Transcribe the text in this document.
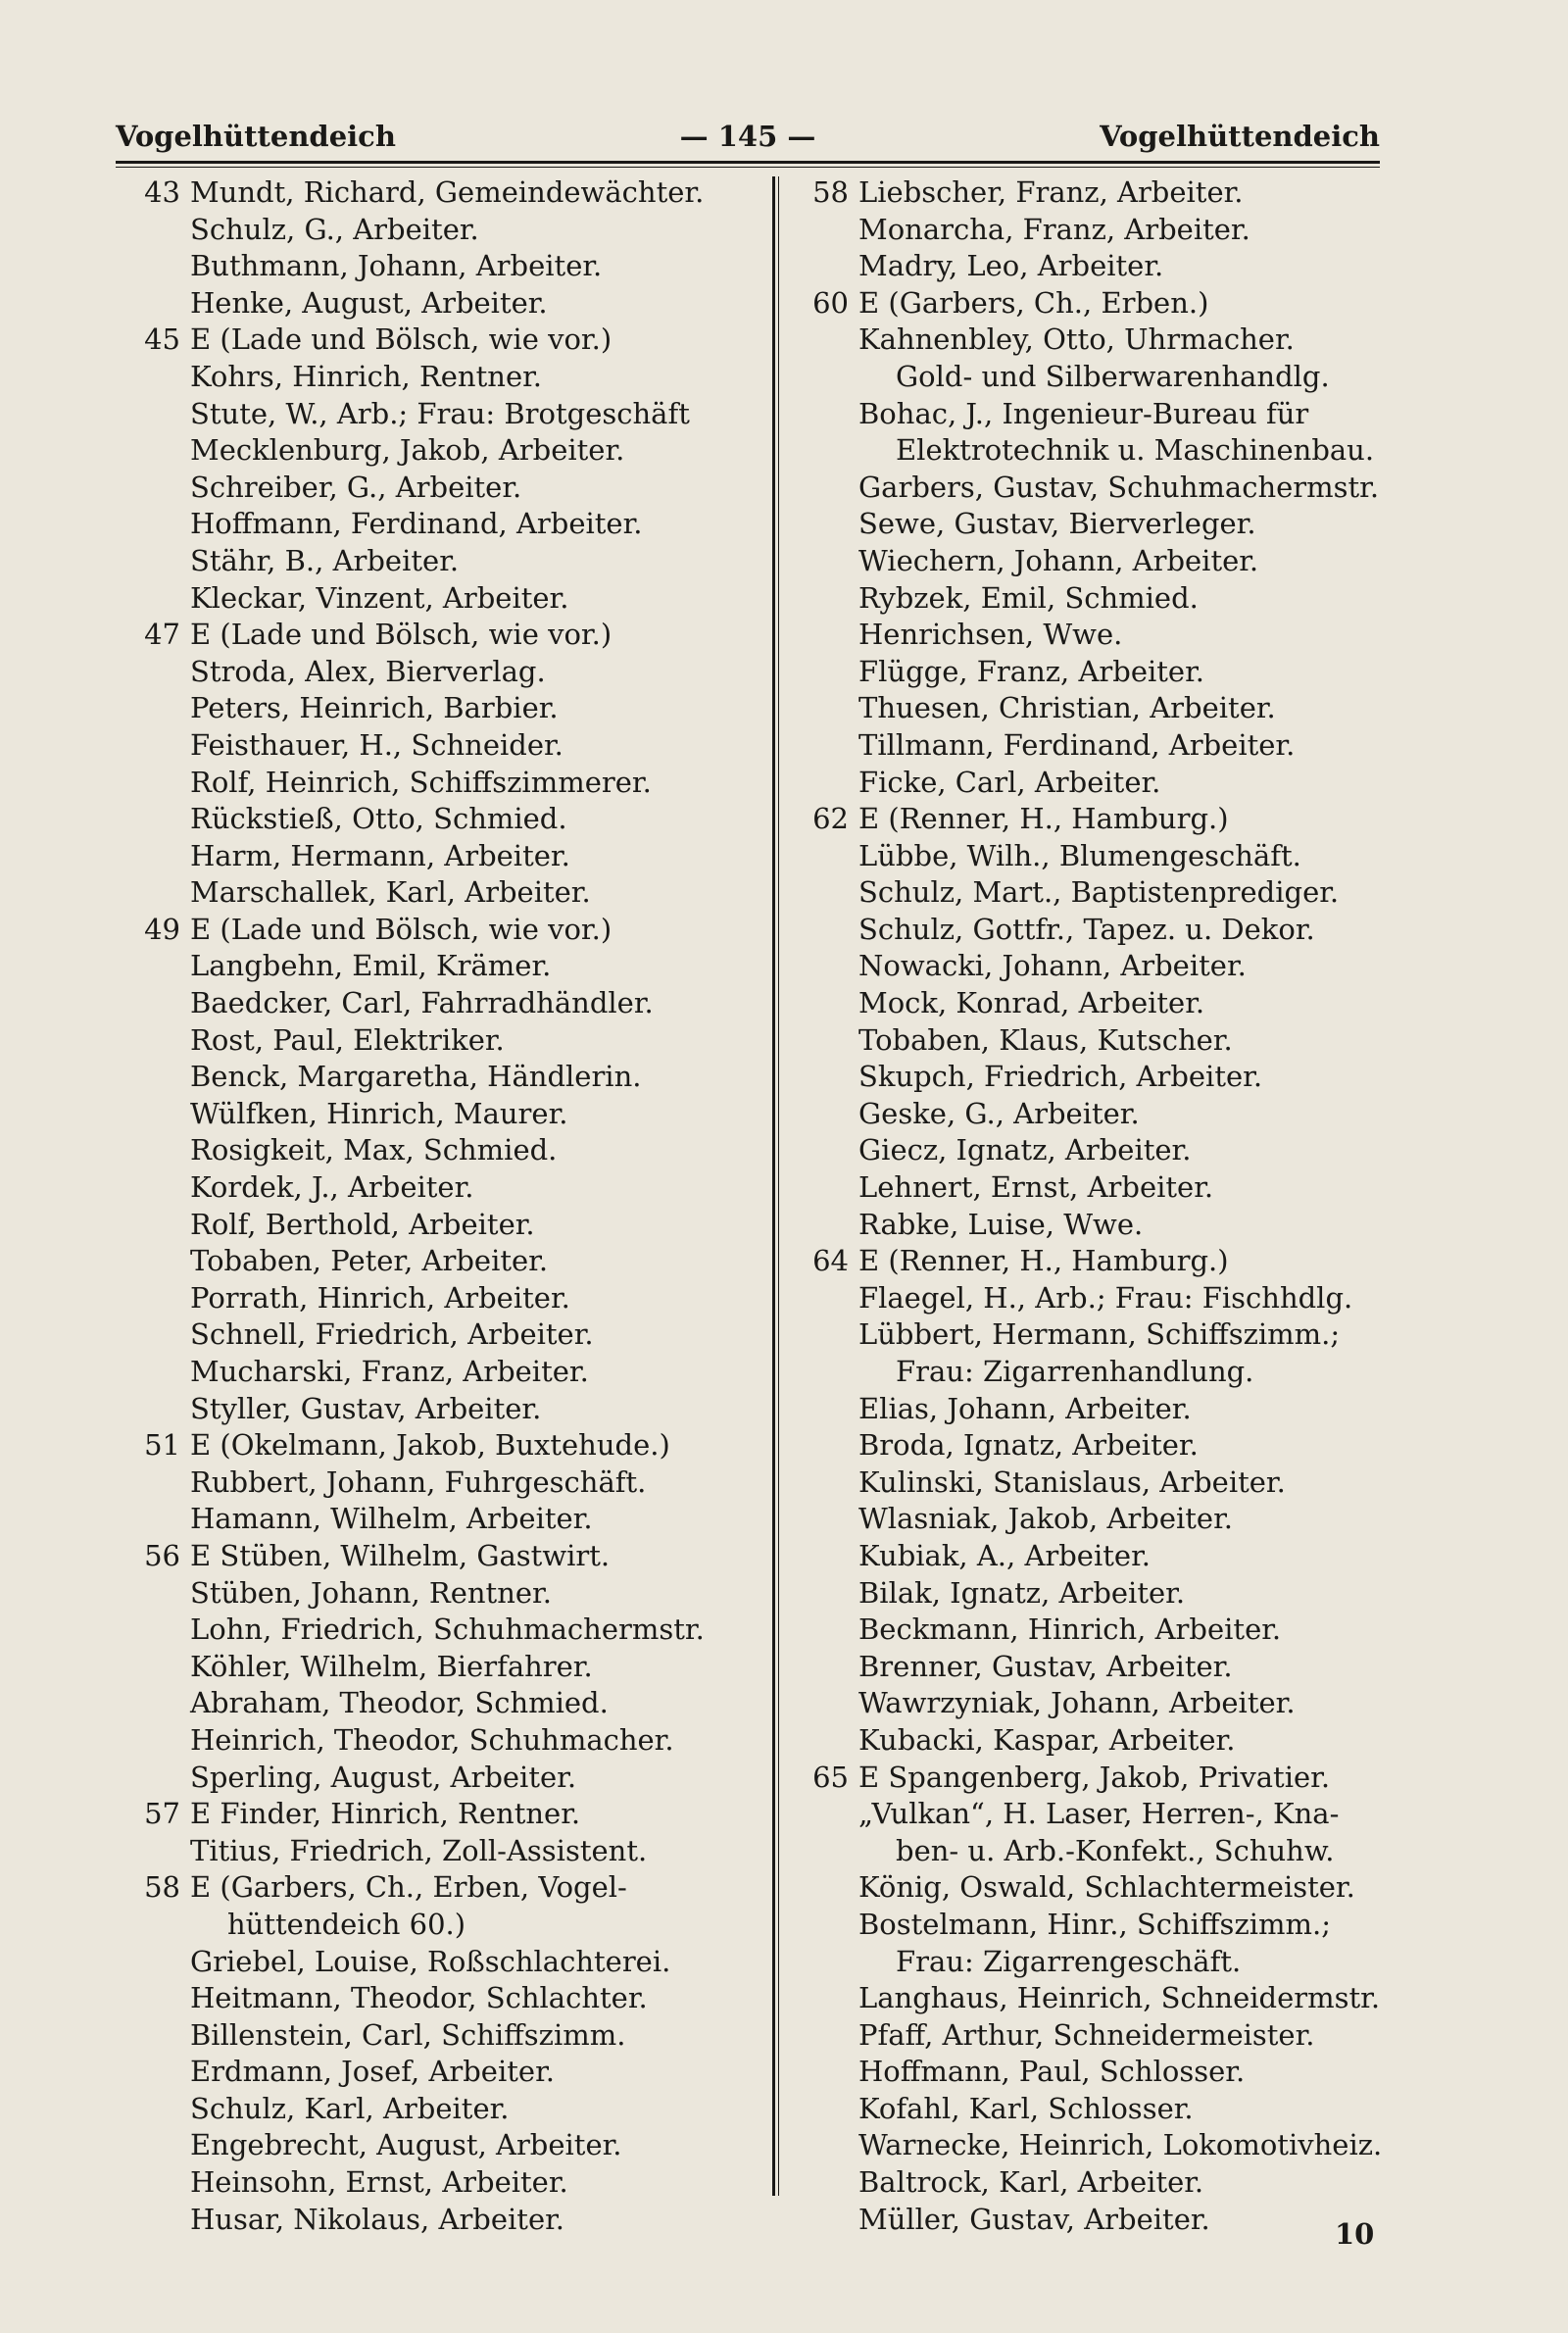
— 145 —
Vogelhüttendeich	Vogelhüttendeich
43 Mundt, Richard, Gemeindewächter.
Schulz, G., Arbeiter.
Buthmann, Johann, Arbeiter.
Henke, August, Arbeiter.
45 E (Lade und Bölsch, wie vor.)
Kohrs, Hinrich, Rentner.
Stute, W., Arb.; Frau: Brotgeschäft
Mecklenburg, Jakob, Arbeiter.
Schreiber, G., Arbeiter.
Hoffmann, Ferdinand, Arbeiter.
Stähr, B., Arbeiter.
Kleckar, Vinzent, Arbeiter.
47 E (Lade und Bölsch, wie vor.)
Stroda, Alex, Bierverlag.
Peters, Heinrich, Barbier.
Feisthauer, H., Schneider.
Rolf, Heinrich, Schiffszimmerer.
Rückstieß, Otto, Schmied.
Harm, Hermann, Arbeiter.
Marschallek, Karl, Arbeiter.
49 E (Lade und Bölsch, wie vor.)
Langbehn, Emil, Krämer.
Baedcker, Carl, Fahrradhändler.
Rost, Paul, Elektriker.
Benck, Margaretha, Händlerin.
Wülfken, Hinrich, Maurer.
Rosigkeit, Max, Schmied.
Kordek, J., Arbeiter.
Rolf, Berthold, Arbeiter.
Tobaben, Peter, Arbeiter.
Porrath, Hinrich, Arbeiter.
Schnell, Friedrich, Arbeiter.
Mucharski, Franz, Arbeiter.
Styller, Gustav, Arbeiter.
51 E (Okelmann, Jakob, Buxtehude.)
Rubbert, Johann, Fuhrgeschäft.
Hamann, Wilhelm, Arbeiter.
56 E Stüben, Wilhelm, Gastwirt.
Stüben, Johann, Rentner.
Lohn, Friedrich, Schuhmachermstr.
Köhler, Wilhelm, Bierfahrer.
Abraham, Theodor, Schmied.
Heinrich, Theodor, Schuhmacher.
Sperling, August, Arbeiter.
57 E Finder, Hinrich, Rentner.
Titius, Friedrich, Zoll-Assistent.
58 E (Garbers, Ch., Erben, Vogel-
hüttendeich 60.)
Griebel, Louise, Roßschlachterei.
Heitmann, Theodor, Schlachter.
Billenstein, Carl, Schiffszimm.
Erdmann, Josef, Arbeiter.
Schulz, Karl, Arbeiter.
Engebrecht, August, Arbeiter.
Heinsohn, Ernst, Arbeiter.
Husar, Nikolaus, Arbeiter.
58 Liebscher, Franz, Arbeiter.
Monarcha, Franz, Arbeiter.
Madry, Leo, Arbeiter.
60 E (Garbers, Ch., Erben.)
Kahnenbley, Otto, Uhrmacher.
Gold- und Silberwarenhandlg.
Bohac, J., Ingenieur-Bureau für
Elektrotechnik u. Maschinenbau.
Garbers, Gustav, Schuhmachermstr.
Sewe, Gustav, Bierverleger.
Wiechern, Johann, Arbeiter.
Rybzek, Emil, Schmied.
Henrichsen, Wwe.
Flügge, Franz, Arbeiter.
Thuesen, Christian, Arbeiter.
Tillmann, Ferdinand, Arbeiter.
Ficke, Carl, Arbeiter.
62 E (Renner, H., Hamburg.)
Lübbe, Wilh., Blumengeschäft.
Schulz, Mart., Baptistenprediger.
Schulz, Gottfr., Tapez. u. Dekor.
Nowacki, Johann, Arbeiter.
Mock, Konrad, Arbeiter.
Tobaben, Klaus, Kutscher.
Skupch, Friedrich, Arbeiter.
Geske, G., Arbeiter.
Giecz, Ignatz, Arbeiter.
Lehnert, Ernst, Arbeiter.
Rabke, Luise, Wwe.
64 E (Renner, H., Hamburg.)
Flaegel, H., Arb.; Frau: Fischhdlg.
Lübbert, Hermann, Schiffszimm.;
Frau: Zigarrenhandlung.
Elias, Johann, Arbeiter.
Broda, Ignatz, Arbeiter.
Kulinski, Stanislaus, Arbeiter.
Wlasniak, Jakob, Arbeiter.
Kubiak, A., Arbeiter.
Bilak, Ignatz, Arbeiter.
Beckmann, Hinrich, Arbeiter.
Brenner, Gustav, Arbeiter.
Wawrzyniak, Johann, Arbeiter.
Kubacki, Kaspar, Arbeiter.
65 E Spangenberg, Jakob, Privatier.
„Vulkan“, H. Laser, Herren-, Kna-
ben- u. Arb.-Konfekt., Schuhw.
König, Oswald, Schlachtermeister.
Bostelmann, Hinr., Schiffszimm.;
Frau: Zigarrengeschäft.
Langhaus, Heinrich, Schneidermstr.
Pfaff, Arthur, Schneidermeister.
Hoffmann, Paul, Schlosser.
Kofahl, Karl, Schlosser.
Warnecke, Heinrich, Lokomotivheiz.
Baltrock, Karl, Arbeiter.
Müller, Gustav, Arbeiter.	10
